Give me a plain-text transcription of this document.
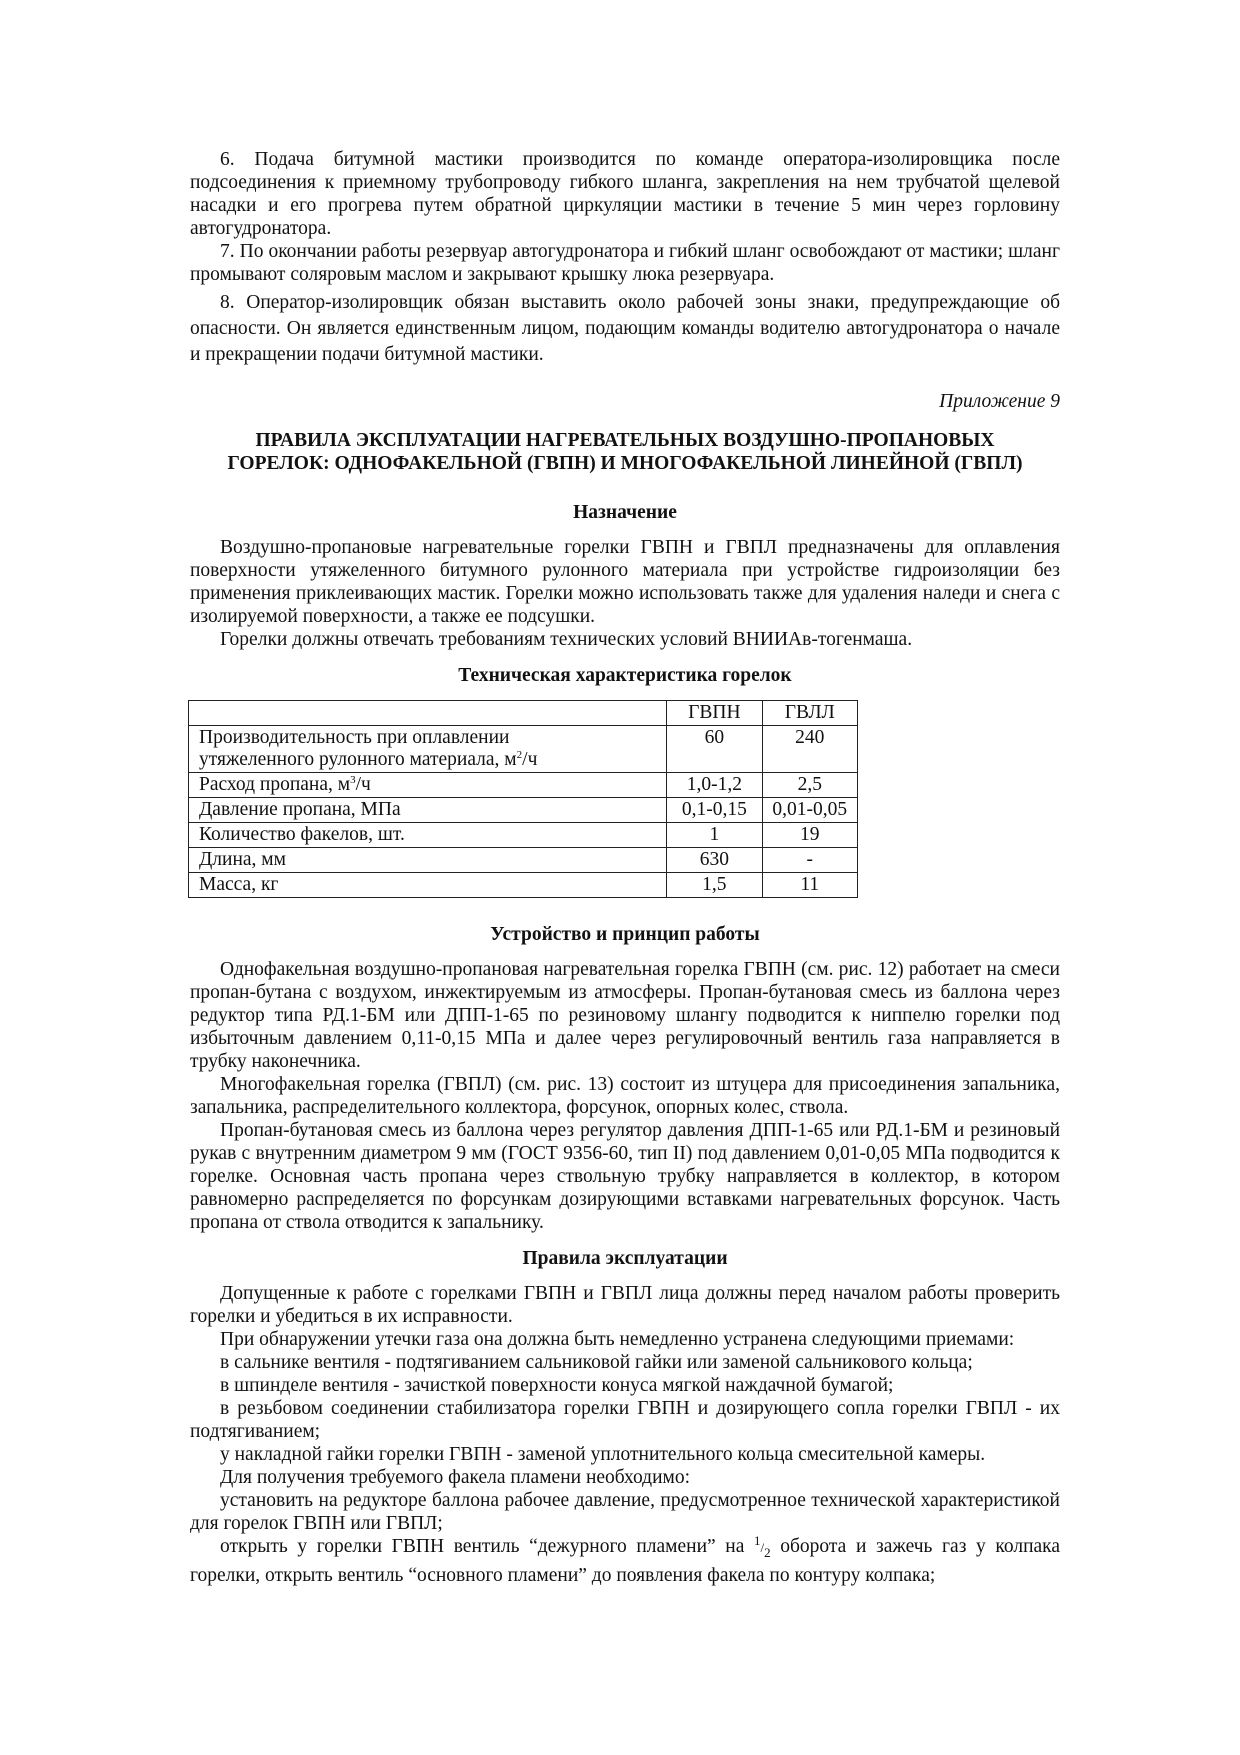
6. Подача битумной мастики производится по команде оператора-изолировщика после подсоединения к приемному трубопроводу гибкого шланга, закрепления на нем трубчатой щелевой насадки и его прогрева путем обратной циркуляции мастики в течение 5 мин через горловину автогудронатора.

7. По окончании работы резервуар автогудронатора и гибкий шланг освобождают от мастики; шланг промывают соляровым маслом и закрывают крышку люка резервуара.

8. Оператор-изолировщик обязан выставить около рабочей зоны знаки, предупреждающие об опасности. Он является единственным лицом, подающим команды водителю автогудронатора о начале и прекращении подачи битумной мастики.

Приложение 9
ПРАВИЛА ЭКСПЛУАТАЦИИ НАГРЕВАТЕЛЬНЫХ ВОЗДУШНО-ПРОПАНОВЫХ
ГОРЕЛОК: ОДНОФАКЕЛЬНОЙ (ГВПН) И МНОГОФАКЕЛЬНОЙ ЛИНЕЙНОЙ (ГВПЛ)
Назначение

Воздушно-пропановые нагревательные горелки ГВПН и ГВПЛ предназначены для оплавления поверхности утяжеленного битумного рулонного материала при устройстве гидроизоляции без применения приклеивающих мастик. Горелки можно использовать также для удаления наледи и снега с изолируемой поверхности, а также ее подсушки.

Горелки должны отвечать требованиям технических условий ВНИИАв-тогенмаша.

Техническая характеристика горелок
	ГВПН	ГВЛЛ
Производительность при оплавлении
утяжеленного рулонного материала, $м^2/ч$	60	240
Расход пропана, $м^3/ч$	1,0-1,2	2,5
Давление пропана, МПа	0,1-0,15	0,01-0,05
Количество факелов, шт.	1	19
Длина, мм	630	-
Масса, кг	1,5	11
Устройство и принцип работы

Однофакельная воздушно-пропановая нагревательная горелка ГВПН (см. рис. 12) работает на смеси пропан-бутана с воздухом, инжектируемым из атмосферы. Пропан-бутановая смесь из баллона через редуктор типа РД.1-БМ или ДПП-1-65 по резиновому шлангу подводится к ниппелю горелки под избыточным давлением 0,11-0,15 МПа и далее через регулировочный вентиль газа направляется в трубку наконечника.

Многофакельная горелка (ГВПЛ) (см. рис. 13) состоит из штуцера для присоединения запальника, запальника, распределительного коллектора, форсунок, опорных колес, ствола.

Пропан-бутановая смесь из баллона через регулятор давления ДПП-1-65 или РД.1-БМ и резиновый рукав с внутренним диаметром 9 мм (ГОСТ 9356-60, тип II) под давлением 0,01-0,05 МПа подводится к горелке. Основная часть пропана через ствольную трубку направляется в коллектор, в котором равномерно распределяется по форсункам дозирующими вставками нагревательных форсунок. Часть пропана от ствола отводится к запальнику.

Правила эксплуатации

Допущенные к работе с горелками ГВПН и ГВПЛ лица должны перед началом работы проверить горелки и убедиться в их исправности.

При обнаружении утечки газа она должна быть немедленно устранена следующими приемами:

в сальнике вентиля - подтягиванием сальниковой гайки или заменой сальникового кольца;

в шпинделе вентиля - зачисткой поверхности конуса мягкой наждачной бумагой;

в резьбовом соединении стабилизатора горелки ГВПН и дозирующего сопла горелки ГВПЛ - их подтягиванием;

у накладной гайки горелки ГВПН - заменой уплотнительного кольца смесительной камеры.

Для получения требуемого факела пламени необходимо:

установить на редукторе баллона рабочее давление, предусмотренное технической характеристикой для горелок ГВПН или ГВПЛ;

открыть у горелки ГВПН вентиль “дежурного пламени” на $^1/_2$ оборота и зажечь газ у колпака горелки, открыть вентиль “основного пламени” до появления факела по контуру колпака;
